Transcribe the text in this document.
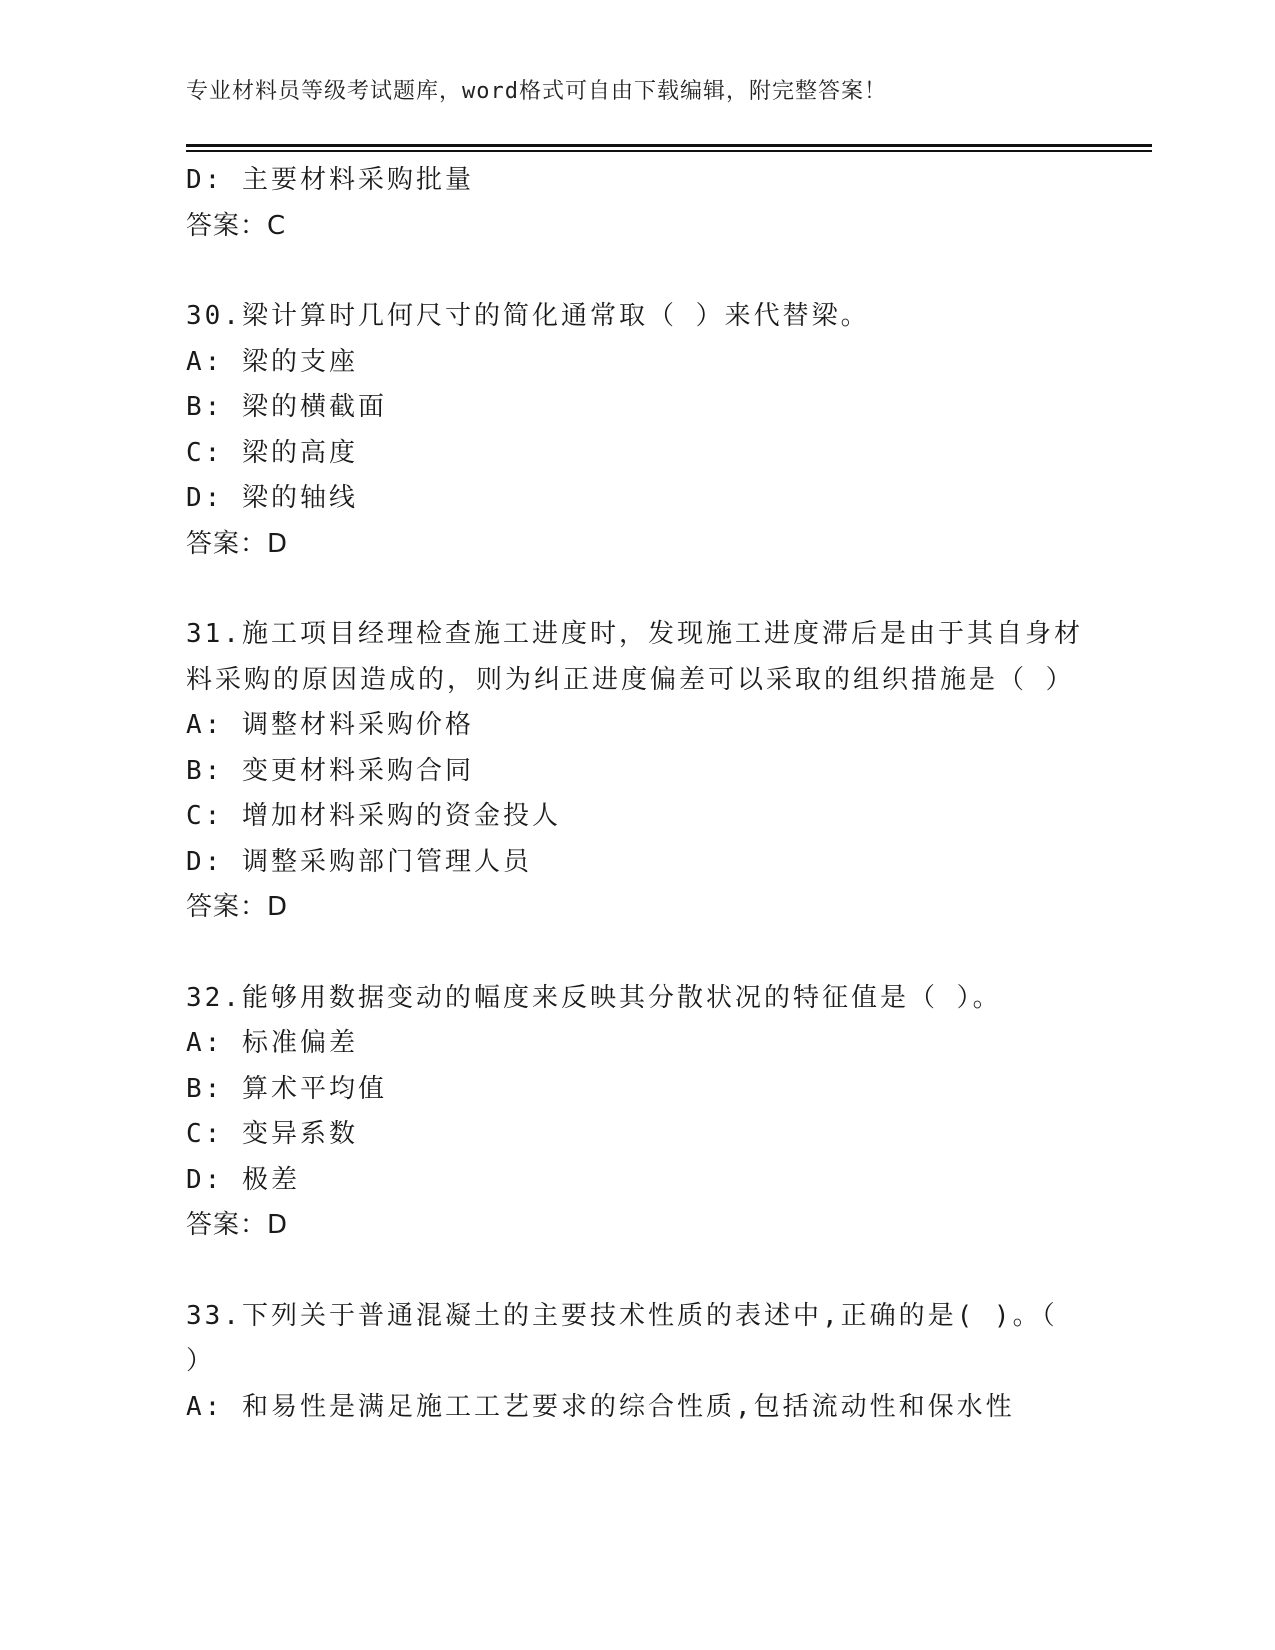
专业材料员等级考试题库，word格式可自由下载编辑，附完整答案！
D: 主要材料采购批量
答案：C
30.梁计算时几何尺寸的简化通常取（ ）来代替梁。
A: 梁的支座
B: 梁的横截面
C: 梁的高度
D: 梁的轴线
答案：D
31.施工项目经理检查施工进度时，发现施工进度滞后是由于其自身材料采购的原因造成的，则为纠正进度偏差可以采取的组织措施是（ ）
A: 调整材料采购价格
B: 变更材料采购合同
C: 增加材料采购的资金投人
D: 调整采购部门管理人员
答案：D
32.能够用数据变动的幅度来反映其分散状况的特征值是（ ）。
A: 标准偏差
B: 算术平均值
C: 变异系数
D: 极差
答案：D
33.下列关于普通混凝土的主要技术性质的表述中,正确的是( )。（ ）
A: 和易性是满足施工工艺要求的综合性质,包括流动性和保水性
